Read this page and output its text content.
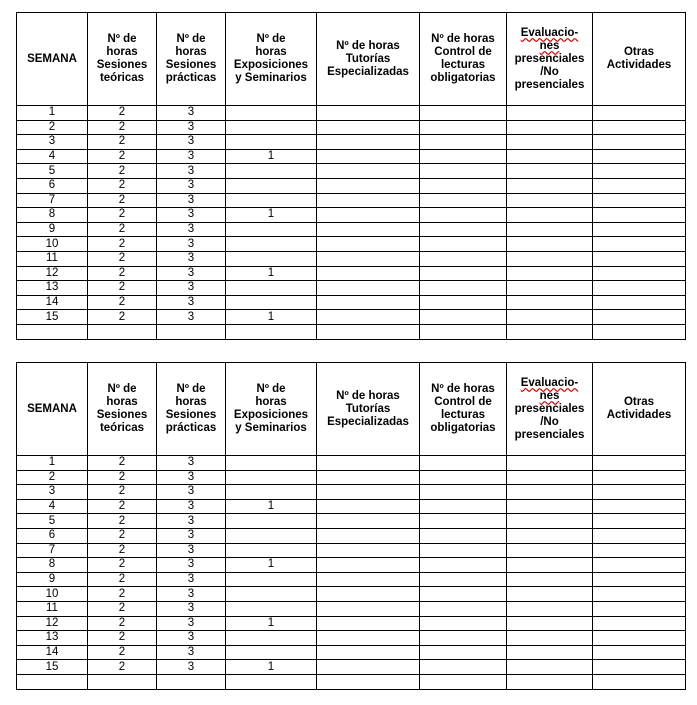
SEMANA	Nº de
horas
Sesiones
teóricas	Nº de
horas
Sesiones
prácticas	Nº de
horas
Exposiciones
y Seminarios	Nº de horas
Tutorías
Especializadas	Nº de horas
Control de
lecturas
obligatorias	Evaluacio-
nes
presenciales
/No
presenciales	Otras
Actividades
1	2	3					
2	2	3					
3	2	3					
4	2	3	1				
5	2	3					
6	2	3					
7	2	3					
8	2	3	1				
9	2	3					
10	2	3					
11	2	3					
12	2	3	1				
13	2	3					
14	2	3					
15	2	3	1				

SEMANA	Nº de
horas
Sesiones
teóricas	Nº de
horas
Sesiones
prácticas	Nº de
horas
Exposiciones
y Seminarios	Nº de horas
Tutorías
Especializadas	Nº de horas
Control de
lecturas
obligatorias	Evaluacio-
nes
presenciales
/No
presenciales	Otras
Actividades
1	2	3					
2	2	3					
3	2	3					
4	2	3	1				
5	2	3					
6	2	3					
7	2	3					
8	2	3	1				
9	2	3					
10	2	3					
11	2	3					
12	2	3	1				
13	2	3					
14	2	3					
15	2	3	1				
